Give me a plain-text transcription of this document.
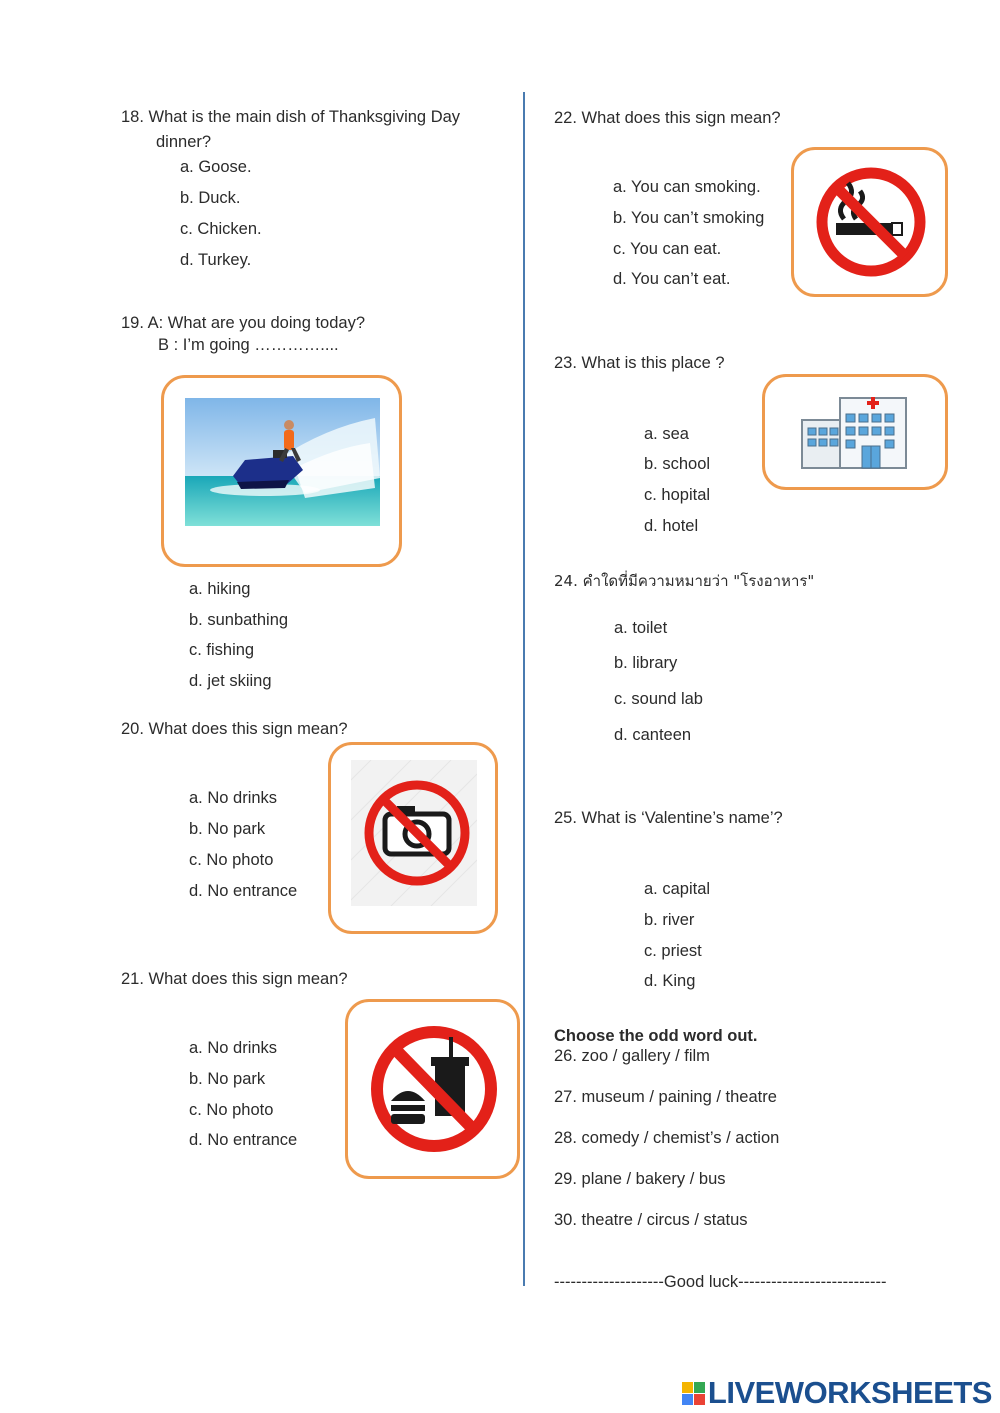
18. What is the main dish of Thanksgiving Day
dinner?
a. Goose.
b. Duck.
c. Chicken.
d. Turkey.
19. A: What are you doing today?
B : I’m going …………....
a. hiking
b. sunbathing
c. fishing
d. jet skiing
20. What does this sign mean?
a. No drinks
b. No park
c. No photo
d. No entrance
21. What does this sign mean?
a. No drinks
b. No park
c. No photo
d. No entrance
22. What does this sign mean?
a. You can smoking.
b. You can’t smoking
c. You can eat.
d. You can’t eat.
23. What is this place ?
a. sea
b. school
c. hopital
d. hotel
24. คำใดที่มีความหมายว่า "โรงอาหาร"
a. toilet
b. library
c. sound lab
d. canteen
25. What is ‘Valentine’s name’?
a. capital
b. river
c. priest
d. King
Choose the odd word out.
26. zoo / gallery / film
27. museum / paining / theatre
28. comedy / chemist’s / action
29. plane / bakery / bus
30. theatre / circus / status
--------------------Good luck---------------------------
LIVEWORKSHEETS
